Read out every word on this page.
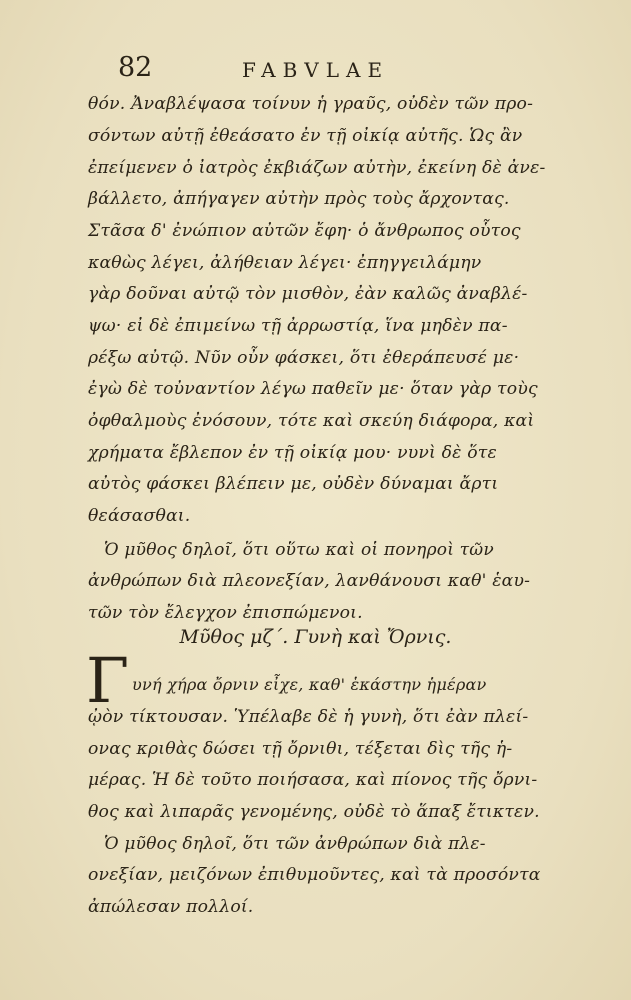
82	FABVLAE
θόν. Ἀναβλέψασα τοίνυν ἡ γραῦς, οὐδὲν τῶν προ-
σόντων αὐτῇ ἐθεάσατο ἐν τῇ οἰκίᾳ αὐτῆς. Ὡς ἂν
ἐπείμενεν ὁ ἰατρὸς ἐκβιάζων αὐτὴν, ἐκείνη δὲ ἀνε-
βάλλετο, ἀπήγαγεν αὐτὴν πρὸς τοὺς ἄρχοντας.
Στᾶσα δ' ἐνώπιον αὐτῶν ἔφη· ὁ ἄνθρωπος οὗτος
καθὼς λέγει, ἀλήθειαν λέγει· ἐπηγγειλάμην
γὰρ δοῦναι αὐτῷ τὸν μισθὸν, ἐὰν καλῶς ἀναβλέ-
ψω· εἰ δὲ ἐπιμείνω τῇ ἀρρωστίᾳ, ἵνα μηδὲν πα-
ρέξω αὐτῷ. Νῦν οὖν φάσκει, ὅτι ἐθεράπευσέ με·
ἐγὼ δὲ τοὐναντίον λέγω παθεῖν με· ὅταν γὰρ τοὺς
ὀφθαλμοὺς ἐνόσουν, τότε καὶ σκεύη διάφορα, καὶ
χρήματα ἔβλεπον ἐν τῇ οἰκίᾳ μου· νυνὶ δὲ ὅτε
αὐτὸς φάσκει βλέπειν με, οὐδὲν δύναμαι ἄρτι
θεάσασθαι.
Ὁ μῦθος δηλοῖ, ὅτι οὕτω καὶ οἱ πονηροὶ τῶν
ἀνθρώπων διὰ πλεονεξίαν, λανθάνουσι καθ' ἑαυ-
τῶν τὸν ἔλεγχον ἐπισπώμενοι.
Μῦθος μζ΄. Γυνὴ καὶ Ὄρνις.
Γ υνή χήρα ὄρνιν εἶχε, καθ' ἑκάστην ἡμέραν
ᾠὸν τίκτουσαν. Ὑπέλαβε δὲ ἡ γυνὴ, ὅτι ἐὰν πλεί-
ονας κριθὰς δώσει τῇ ὄρνιθι, τέξεται δὶς τῆς ἡ-
μέρας. Ἡ δὲ τοῦτο ποιήσασα, καὶ πίονος τῆς ὄρνι-
θος καὶ λιπαρᾶς γενομένης, οὐδὲ τὸ ἅπαξ ἔτικτεν.
Ὁ μῦθος δηλοῖ, ὅτι τῶν ἀνθρώπων διὰ πλε-
ονεξίαν, μειζόνων ἐπιθυμοῦντες, καὶ τὰ προσόντα
ἀπώλεσαν πολλοί.
